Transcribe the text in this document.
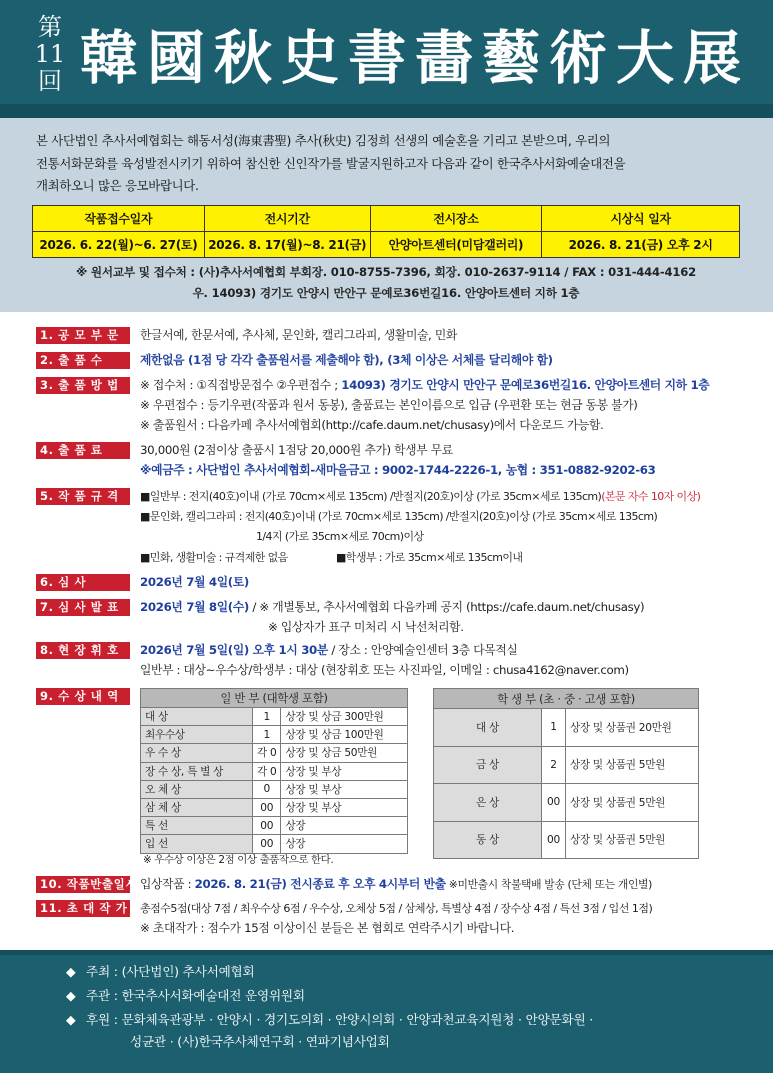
第
11
回 韓國秋史書畵藝術大展
본 사단법인 추사서예협회는 해동서성(海東書聖) 추사(秋史) 김정희 선생의 예술혼을 기리고 본받으며, 우리의
전통서화문화를 육성발전시키기 위하여 참신한 신인작가를 발굴지원하고자 다음과 같이 한국추사서화예술대전을
개최하오니 많은 응모바랍니다.
작품접수일자	전시기간	전시장소	시상식 일자
2026. 6. 22(월)~6. 27(토)	2026. 8. 17(월)~8. 21(금)	안양아트센터(미담갤러리)	2026. 8. 21(금) 오후 2시
※ 원서교부 및 접수처 : (사)추사서예협회 부회장. 010-8755-7396, 회장. 010-2637-9114 / FAX : 031-444-4162
우. 14093) 경기도 안양시 만안구 문예로36번길16. 안양아트센터 지하 1층
1. 공 모 부 문	한글서예, 한문서예, 추사체, 문인화, 캘리그라피, 생활미술, 민화
2. 출 품 수	제한없음 (1점 당 각각 출품원서를 제출해야 함), (3체 이상은 서체를 달리해야 함)
3. 출 품 방 법	※ 접수처 : ①직접방문접수 ②우편접수 ; 14093) 경기도 안양시 만안구 문예로36번길16. 안양아트센터 지하 1층
※ 우편접수 : 등기우편(작품과 원서 동봉), 출품료는 본인이름으로 입금 (우편환 또는 현금 동봉 불가)
※ 출품원서 : 다음카페 추사서예협회(http://cafe.daum.net/chusasy)에서 다운로드 가능함.
4. 출 품 료	30,000원 (2점이상 출품시 1점당 20,000원 추가) 학생부 무료
※예금주 : 사단법인 추사서예협회-새마을금고 : 9002-1744-2226-1, 농협 : 351-0882-9202-63
5. 작 품 규 격	■일반부 : 전지(40호)이내 (가로 70cm×세로 135cm) /반절지(20호)이상 (가로 35cm×세로 135cm)(본문 자수 10자 이상)
■문인화, 캘리그라피 : 전지(40호)이내 (가로 70cm×세로 135cm) /반절지(20호)이상 (가로 35cm×세로 135cm)
1/4지 (가로 35cm×세로 70cm)이상
■민화, 생활미술 : 규격제한 없음	■학생부 : 가로 35cm×세로 135cm이내
6. 심 사	2026년 7월 4일(토)
7. 심 사 발 표	2026년 7월 8일(수) / ※ 개별통보, 추사서예협회 다음카페 공지 (https://cafe.daum.net/chusasy)
※ 입상자가 표구 미처리 시 낙선처리함.
8. 현 장 휘 호	2026년 7월 5일(일) 오후 1시 30분 / 장소 : 안양예술인센터 3층 다목적실
일반부 : 대상~우수상/학생부 : 대상 (현장휘호 또는 사진파일, 이메일 : chusa4162@naver.com)
9. 수 상 내 역	일 반 부 (대학생 포함)		
대 상	1	상장 및 상금 300만원
최우수상	1	상장 및 상금 100만원
우 수 상	각 0	상장 및 상금 50만원
장 수 상, 특 별 상	각 0	상장 및 부상
오 체 상	0	상장 및 부상
삼 체 상	00	상장 및 부상
특 선	00	상장
입 선	00	상장
※ 우수상 이상은 2점 이상 출품작으로 한다.
학 생 부 (초 · 중 · 고생 포함)		
대 상	1	상장 및 상품권 20만원
금 상	2	상장 및 상품권 5만원
은 상	00	상장 및 상품권 5만원
동 상	00	상장 및 상품권 5만원
10. 작품반출일시 입상작품 : 2026. 8. 21(금) 전시종료 후 오후 4시부터 반출 ※미반출시 착불택배 발송 (단체 또는 개인별)
11. 초 대 작 가 총점수5점(대상 7점 / 최우수상 6점 / 우수상, 오체상 5점 / 삼체상, 특별상 4점 / 장수상 4점 / 특선 3점 / 입선 1점)
※ 초대작가 : 점수가 15점 이상이신 분들은 본 협회로 연락주시기 바랍니다.
◆ 주최 : (사단법인) 추사서예협회
◆ 주관 : 한국추사서화예술대전 운영위원회
◆ 후원 : 문화체육관광부 · 안양시 · 경기도의회 · 안양시의회 · 안양과천교육지원청 · 안양문화원 ·
성균관 · (사)한국추사체연구회 · 연파기념사업회
